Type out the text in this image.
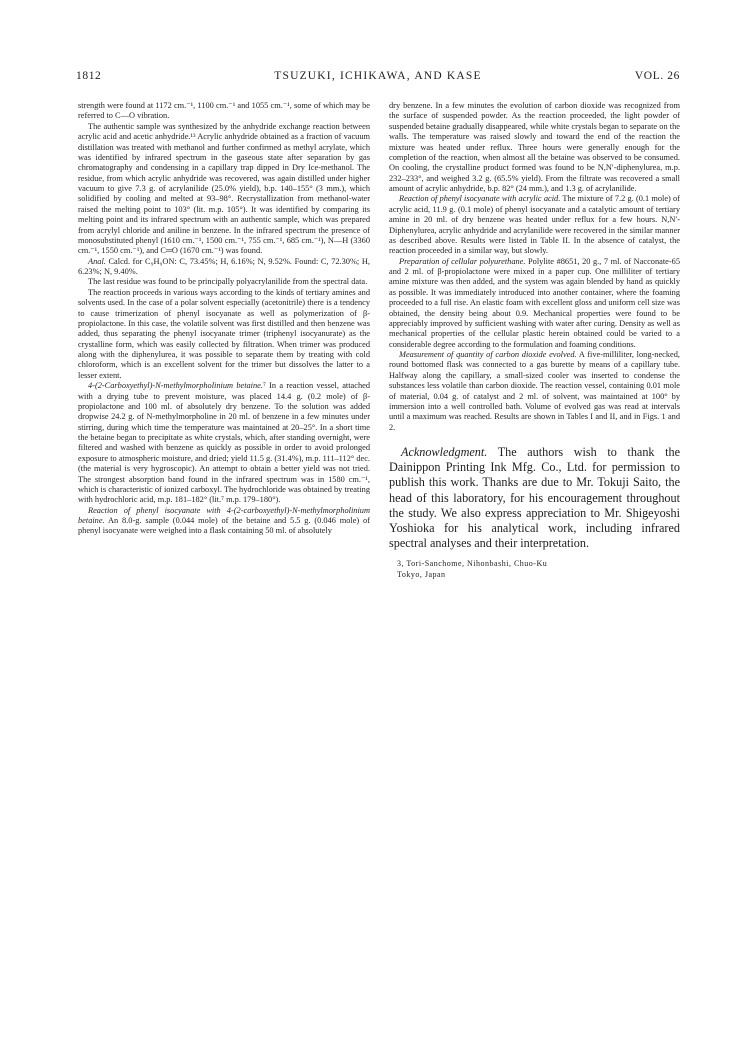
1812	TSUZUKI, ICHIKAWA, AND KASE	VOL. 26

strength were found at 1172 cm.⁻¹, 1100 cm.⁻¹ and 1055 cm.⁻¹, some of which may be referred to C—O vibration.

The authentic sample was synthesized by the anhydride exchange reaction between acrylic acid and acetic anhydride.¹³ Acrylic anhydride obtained as a fraction of vacuum distillation was treated with methanol and further confirmed as methyl acrylate, which was identified by infrared spectrum in the gaseous state after separation by gas chromatography and condensing in a capillary trap dipped in Dry Ice-methanol. The residue, from which acrylic anhydride was recovered, was again distilled under higher vacuum to give 7.3 g. of acrylanilide (25.0% yield), b.p. 140–155° (3 mm.), which solidified by cooling and melted at 93–98°. Recrystallization from methanol-water raised the melting point to 103° (lit. m.p. 105°). It was identified by comparing its melting point and its infrared spectrum with an authentic sample, which was prepared from acrylyl chloride and aniline in benzene. In the infrared spectrum the presence of monosubstituted phenyl (1610 cm.⁻¹, 1500 cm.⁻¹, 755 cm.⁻¹, 685 cm.⁻¹), N—H (3360 cm.⁻¹, 1550 cm.⁻¹), and C═O (1670 cm.⁻¹) was found.

Anal. Calcd. for C₉H₉ON: C, 73.45%; H, 6.16%; N, 9.52%. Found: C, 72.30%; H, 6.23%; N, 9.40%.

The last residue was found to be principally polyacrylanilide from the spectral data.

The reaction proceeds in various ways according to the kinds of tertiary amines and solvents used. In the case of a polar solvent especially (acetonitrile) there is a tendency to cause trimerization of phenyl isocyanate as well as polymerization of β-propiolactone. In this case, the volatile solvent was first distilled and then benzene was added, thus separating the phenyl isocyanate trimer (triphenyl isocyanurate) as the crystalline form, which was easily collected by filtration. When trimer was produced along with the diphenylurea, it was possible to separate them by treating with cold chloroform, which is an excellent solvent for the trimer but dissolves the latter to a lesser extent.

4-(2-Carboxyethyl)-N-methylmorpholinium betaine.⁷ In a reaction vessel, attached with a drying tube to prevent moisture, was placed 14.4 g. (0.2 mole) of β-propiolactone and 100 ml. of absolutely dry benzene. To the solution was added dropwise 24.2 g. of N-methylmorpholine in 20 ml. of benzene in a few minutes under stirring, during which time the temperature was maintained at 20–25°. In a short time the betaine began to precipitate as white crystals, which, after standing overnight, were filtered and washed with benzene as quickly as possible in order to avoid prolonged exposure to atmospheric moisture, and dried; yield 11.5 g. (31.4%), m.p. 111–112° dec. (the material is very hygroscopic). An attempt to obtain a better yield was not tried. The strongest absorption band found in the infrared spectrum was in 1580 cm.⁻¹, which is characteristic of ionized carboxyl. The hydrochloride was obtained by treating with hydrochloric acid, m.p. 181–182° (lit.⁷ m.p. 179–180°).

Reaction of phenyl isocyanate with 4-(2-carboxyethyl)-N-methylmorpholinium betaine. An 8.0-g. sample (0.044 mole) of the betaine and 5.5 g. (0.046 mole) of phenyl isocyanate were weighed into a flask containing 50 ml. of absolutely

dry benzene. In a few minutes the evolution of carbon dioxide was recognized from the surface of suspended powder. As the reaction proceeded, the light powder of suspended betaine gradually disappeared, while white crystals began to separate on the walls. The temperature was raised slowly and toward the end of the reaction the mixture was heated under reflux. Three hours were generally enough for the completion of the reaction, when almost all the betaine was observed to be consumed. On cooling, the crystalline product formed was found to be N,N′-diphenylurea, m.p. 232–233°, and weighed 3.2 g. (65.5% yield). From the filtrate was recovered a small amount of acrylic anhydride, b.p. 82° (24 mm.), and 1.3 g. of acrylanilide.

Reaction of phenyl isocyanate with acrylic acid. The mixture of 7.2 g. (0.1 mole) of acrylic acid, 11.9 g. (0.1 mole) of phenyl isocyanate and a catalytic amount of tertiary amine in 20 ml. of dry benzene was heated under reflux for a few hours. N,N′-Diphenylurea, acrylic anhydride and acrylanilide were recovered in the similar manner as described above. Results were listed in Table II. In the absence of catalyst, the reaction proceeded in a similar way, but slowly.

Preparation of cellular polyurethane. Polylite #8651, 20 g., 7 ml. of Nacconate-65 and 2 ml. of β-propiolactone were mixed in a paper cup. One milliliter of tertiary amine mixture was then added, and the system was again blended by hand as quickly as possible. It was immediately introduced into another container, where the foaming proceeded to a full rise. An elastic foam with excellent gloss and uniform cell size was obtained, the density being about 0.9. Mechanical properties were found to be appreciably improved by sufficient washing with water after curing. Density as well as mechanical properties of the cellular plastic herein obtained could be varied to a considerable degree according to the formulation and foaming conditions.

Measurement of quantity of carbon dioxide evolved. A five-milliliter, long-necked, round bottomed flask was connected to a gas burette by means of a capillary tube. Halfway along the capillary, a small-sized cooler was inserted to condense the substances less volatile than carbon dioxide. The reaction vessel, containing 0.01 mole of material, 0.04 g. of catalyst and 2 ml. of solvent, was maintained at 100° by immersion into a well controlled bath. Volume of evolved gas was read at intervals until a maximum was reached. Results are shown in Tables I and II, and in Figs. 1 and 2.

Acknowledgment. The authors wish to thank the Dainippon Printing Ink Mfg. Co., Ltd. for permission to publish this work. Thanks are due to Mr. Tokuji Saito, the head of this laboratory, for his encouragement throughout the study. We also express appreciation to Mr. Shigeyoshi Yoshioka for his analytical work, including infrared spectral analyses and their interpretation.

3, Tori-Sanchome, Nihonbashi, Chuo-Ku
Tokyo, Japan
